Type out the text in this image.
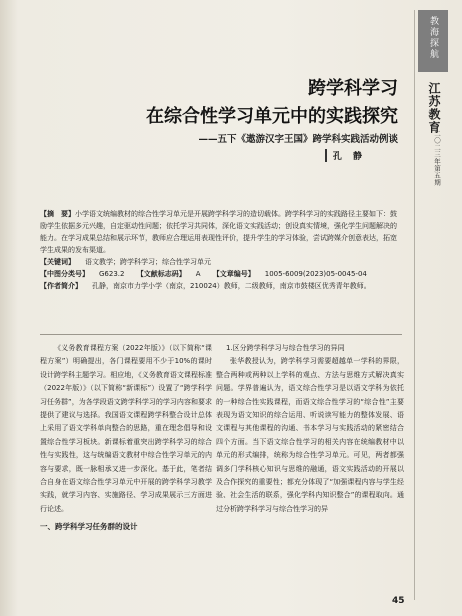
教海探航
江苏教育
二〇二三年第五期
跨学科学习
在综合性学习单元中的实践探究
——五下《遨游汉字王国》跨学科实践活动例谈
孔 静

【摘　要】小学语文统编教材的综合性学习单元是开展跨学科学习的造切载体。跨学科学习的实践路径主要如下：鼓励学生依据多元兴趣，自定驱动性问题；依托学习共同体，深化语文实践活动；创设真实情境，强化学生问题解决的能力。在学习成果总结和展示环节，教师应合理运用表现性评价，提升学生的学习体验，尝试跨媒介创意表达，拓宽学生成果的发布渠道。

【关键词】 语文教学；跨学科学习；综合性学习单元

【中图分类号】 G623.2 【文献标志码】 A 【文章编号】 1005-6009(2023)05-0045-04

【作者简介】 孔静，南京市力学小学（南京，210024）教师，二级教师，南京市鼓楼区优秀青年教师。

《义务教育课程方案（2022年版）》（以下简称“课程方案”）明确提出，各门课程要用不少于10%的课时设计跨学科主题学习。相应地，《义务教育语文课程标准（2022年版）》（以下简称“新课标”）设置了“跨学科学习任务群”，为各学段语文跨学科学习的学习内容和要求提供了建议与选择。我国语文课程跨学科整合设计总体上采用了语文学科单向整合的思路，重在理念倡导和设置综合性学习板块。新课标着重突出跨学科学习的综合性与实践性，这与统编语文教材中综合性学习单元的内容与要求，既一脉相承又进一步深化。基于此，笔者结合自身在语文综合性学习单元中开展的跨学科学习教学实践，就学习内容、实施路径、学习成果展示三方面进行论述。

一、跨学科学习任务群的设计

1.区分跨学科学习与综合性学习的异同

张华教授认为，跨学科学习需要超越单一学科的界限，整合两种或两种以上学科的观点、方法与思维方式解决真实问题。学界普遍认为，语文综合性学习是以语文学科为依托的一种综合性实践课程，而语文综合性学习的“综合性”主要表现为语文知识的综合运用、听说读写能力的整体发展、语文课程与其他课程的沟通、书本学习与实践活动的紧密结合四个方面。当下语文综合性学习的相关内容在统编教材中以单元的形式编排，统称为综合性学习单元。可见，两者都强调多门学科核心知识与思维的融通，语文实践活动的开展以及合作探究的重要性；都充分体现了“加强课程内容与学生经验、社会生活的联系，强化学科内知识整合”的课程取向。通过分析跨学科学习与综合性学习的异

45
